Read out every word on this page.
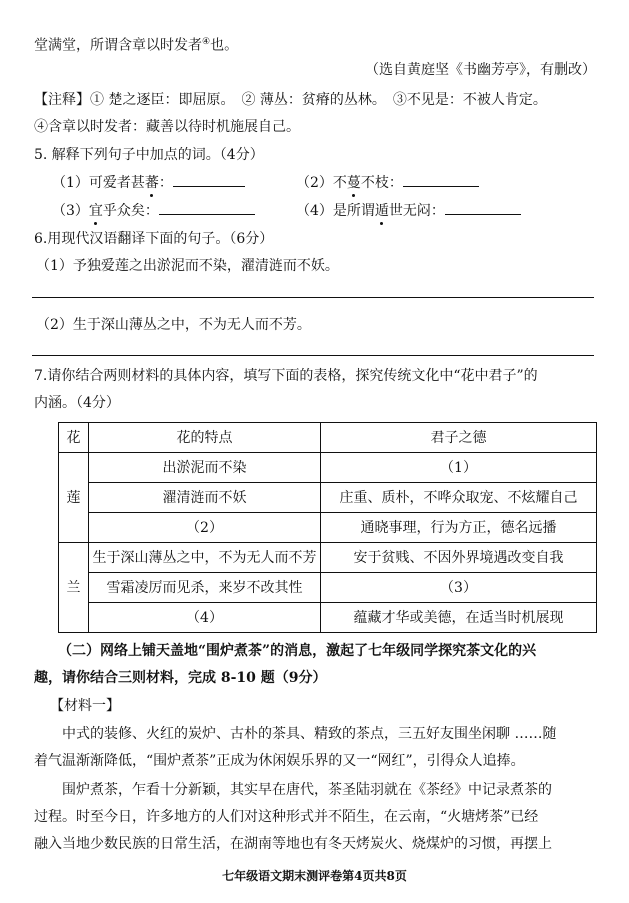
堂满堂，所谓含章以时发者④也。
（选自黄庭坚《书幽芳亭》，有删改）
【注释】① 楚之逐臣：即屈原。　② 薄丛：贫瘠的丛林。　③不见是：不被人肯定。
④含章以时发者：藏善以待时机施展自己。
5. 解释下列句子中加点的词。（4分）
（1）可爱者甚蕃：	（2）不蔓不枝：
（3）宜乎众矣：	（4）是所谓遁世无闷：
6.用现代汉语翻译下面的句子。（6分）
（1）予独爱莲之出淤泥而不染，濯清涟而不妖。
（2）生于深山薄丛之中，不为无人而不芳。
7.请你结合两则材料的具体内容，填写下面的表格，探究传统文化中“花中君子”的
内涵。（4分）
花	花的特点	君子之德
莲	出淤泥而不染	（1）
	濯清涟而不妖	庄重、质朴，不哗众取宠、不炫耀自己
	（2）	通晓事理，行为方正，德名远播
兰	生于深山薄丛之中，不为无人而不芳	安于贫贱、不因外界境遇改变自我
	雪霜凌厉而见杀，来岁不改其性	（3）
	（4）	蕴藏才华或美德，在适当时机展现
（二）网络上铺天盖地“围炉煮茶”的消息，激起了七年级同学探究茶文化的兴
趣，请你结合三则材料，完成 8-10 题（9分）
【材料一】
中式的装修、火红的炭炉、古朴的茶具、精致的茶点，三五好友围坐闲聊 ……随
着气温渐渐降低，“围炉煮茶”正成为休闲娱乐界的又一“网红”，引得众人追捧。
围炉煮茶，乍看十分新颖，其实早在唐代，茶圣陆羽就在《茶经》中记录煮茶的
过程。时至今日，许多地方的人们对这种形式并不陌生，在云南，“火塘烤茶”已经
融入当地少数民族的日常生活，在湖南等地也有冬天烤炭火、烧煤炉的习惯，再摆上
七年级语文期末测评卷第4页共8页
